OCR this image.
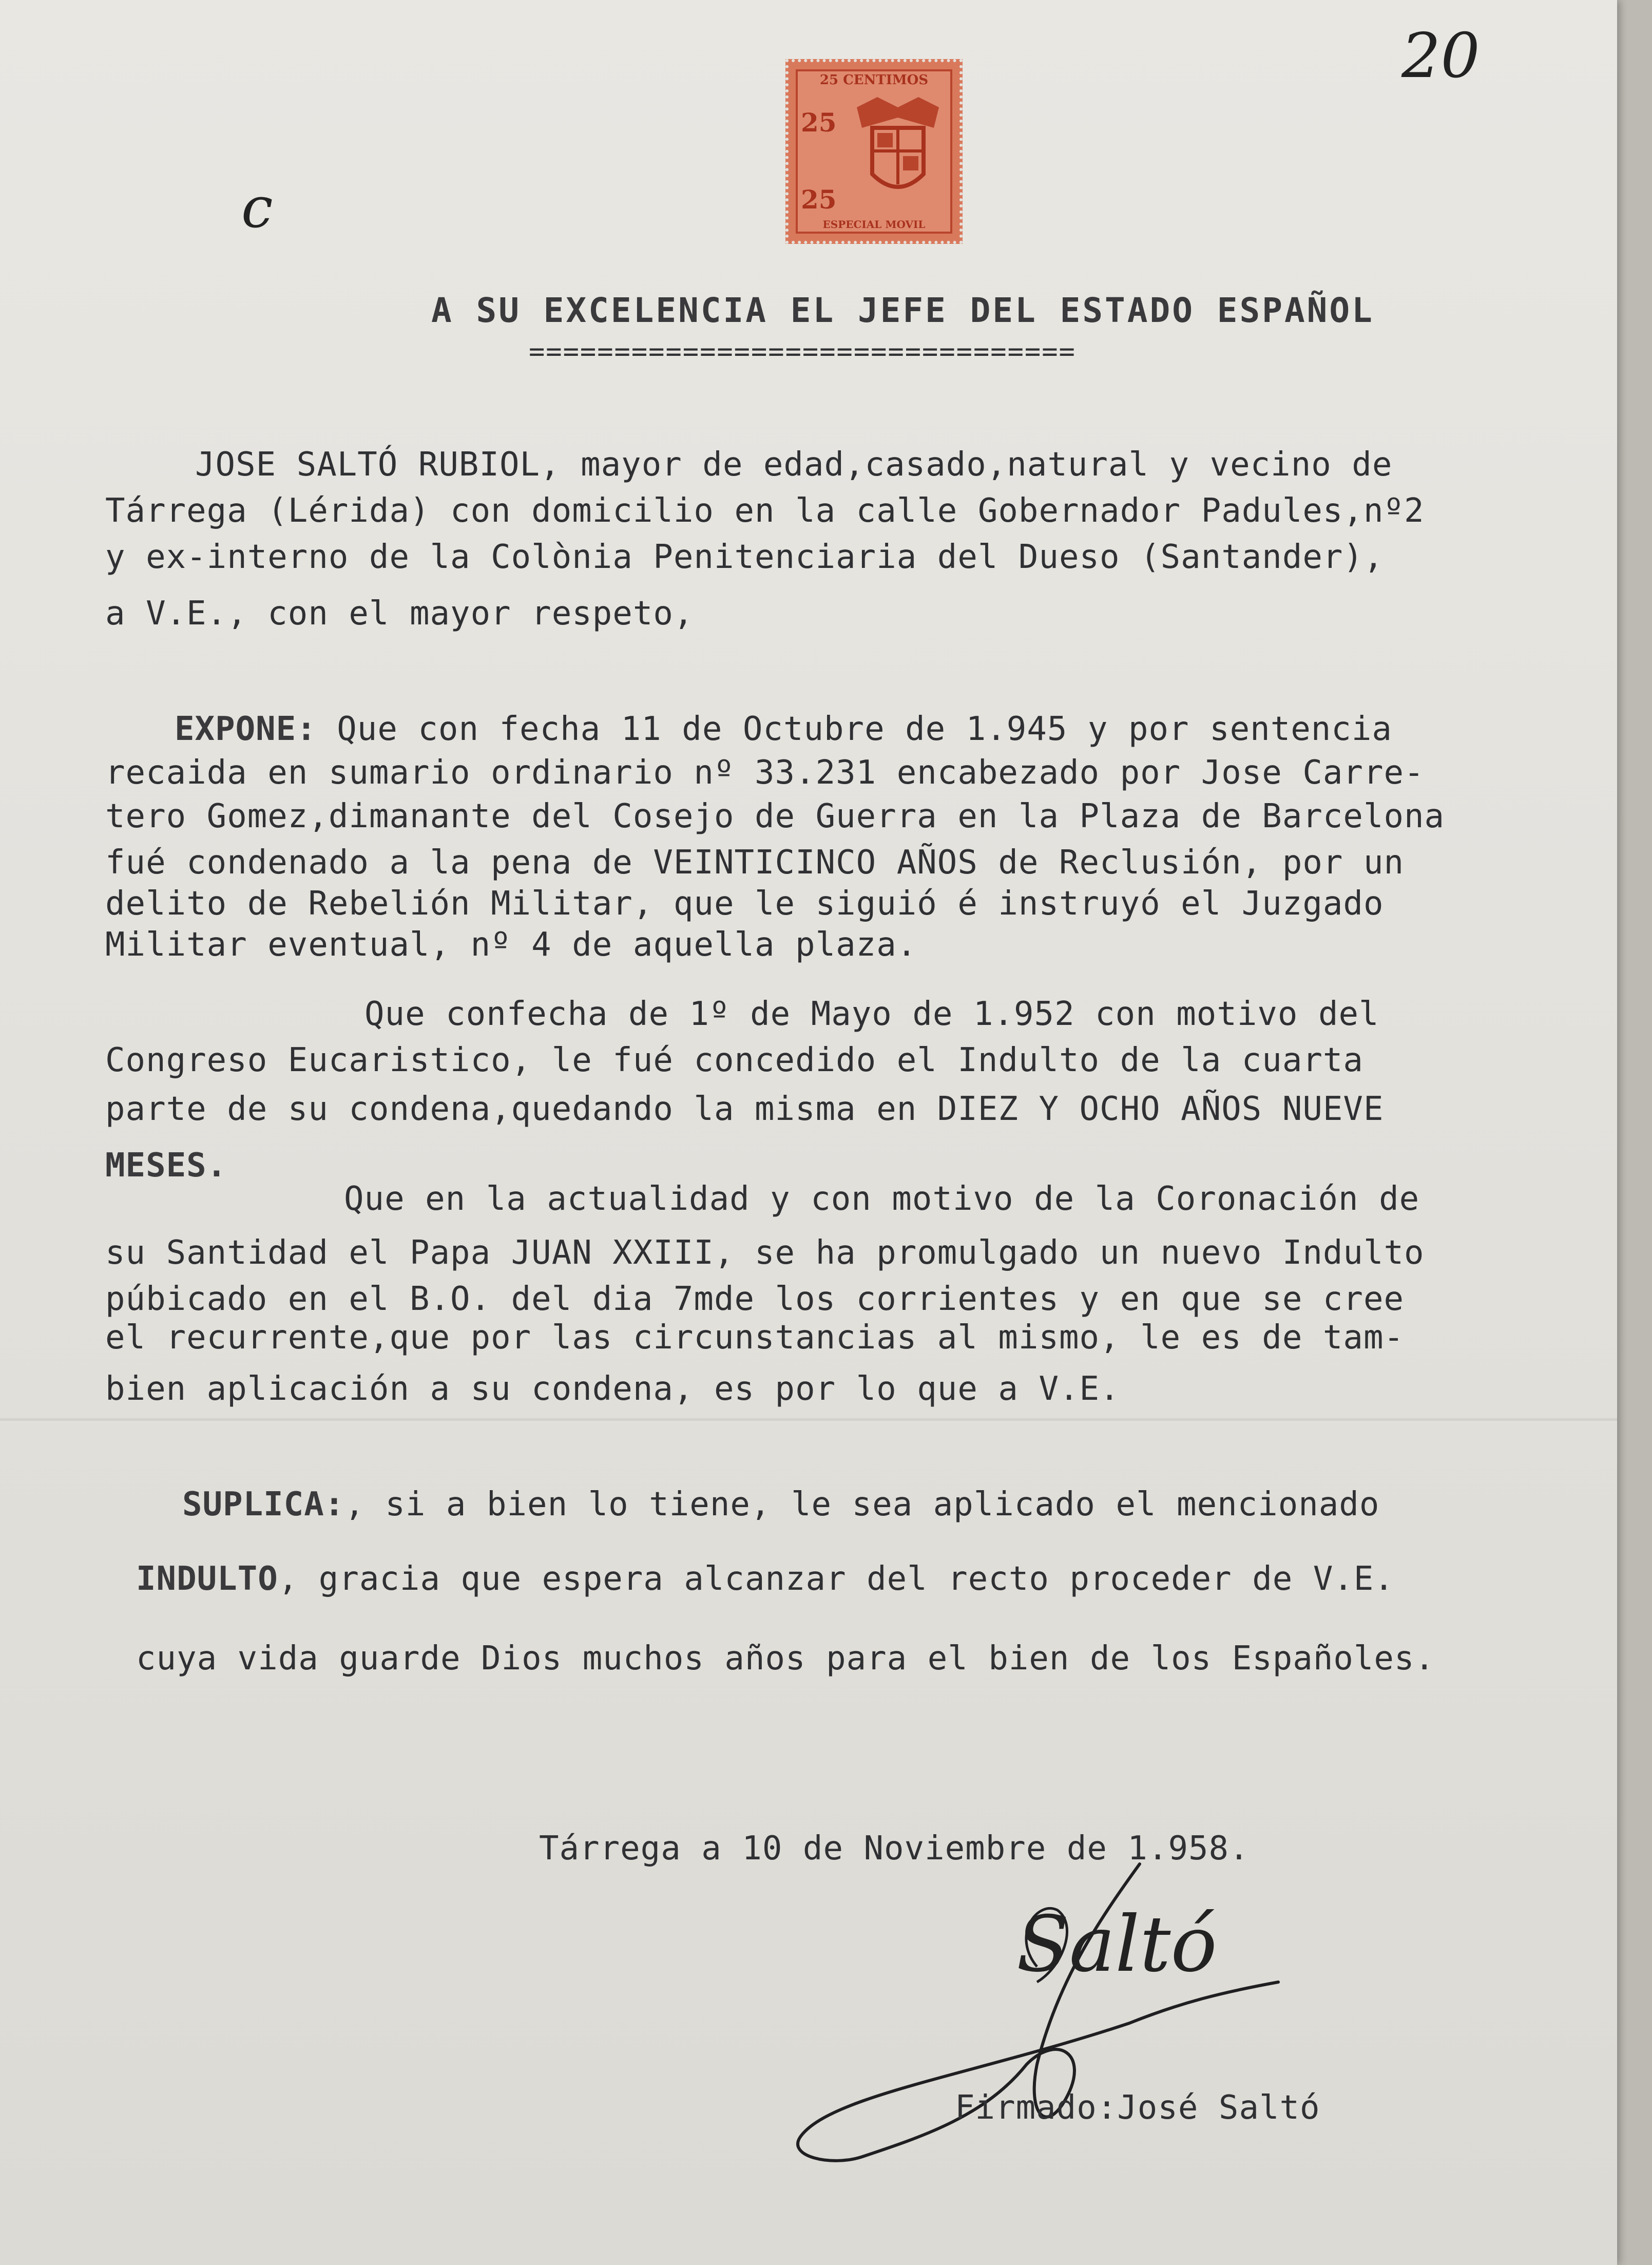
20
c
25 CENTIMOS
25
25
ESPECIAL MOVIL
A SU EXCELENCIA EL JEFE DEL ESTADO ESPAÑOL
================================
JOSE SALTÓ RUBIOL, mayor de edad,casado,natural y vecino de
Tárrega (Lérida) con domicilio en la calle Gobernador Padules,nº2
y ex-interno de la Colònia Penitenciaria del Dueso (Santander),
a V.E., con el mayor respeto,
EXPONE: Que con fecha 11 de Octubre de 1.945 y por sentencia
recaida en sumario ordinario nº 33.231 encabezado por Jose Carre-
tero Gomez,dimanante del Cosejo de Guerra en la Plaza de Barcelona
fué condenado a la pena de VEINTICINCO AÑOS de Reclusión, por un
delito de Rebelión Militar, que le siguió é instruyó el Juzgado
Militar eventual, nº 4 de aquella plaza.
Que confecha de 1º de Mayo de 1.952 con motivo del
Congreso Eucaristico, le fué concedido el Indulto de la cuarta
parte de su condena,quedando la misma en DIEZ Y OCHO AÑOS NUEVE
MESES.
Que en la actualidad y con motivo de la Coronación de
su Santidad el Papa JUAN XXIII, se ha promulgado un nuevo Indulto
púbicado en el B.O. del dia 7mde los corrientes y en que se cree
el recurrente,que por las circunstancias al mismo, le es de tam-
bien aplicación a su condena, es por lo que a V.E.
SUPLICA:, si a bien lo tiene, le sea aplicado el mencionado
INDULTO, gracia que espera alcanzar del recto proceder de V.E.
cuya vida guarde Dios muchos años para el bien de los Españoles.
Tárrega a 10 de Noviembre de 1.958.
Saltó
Firmado:José Saltó
